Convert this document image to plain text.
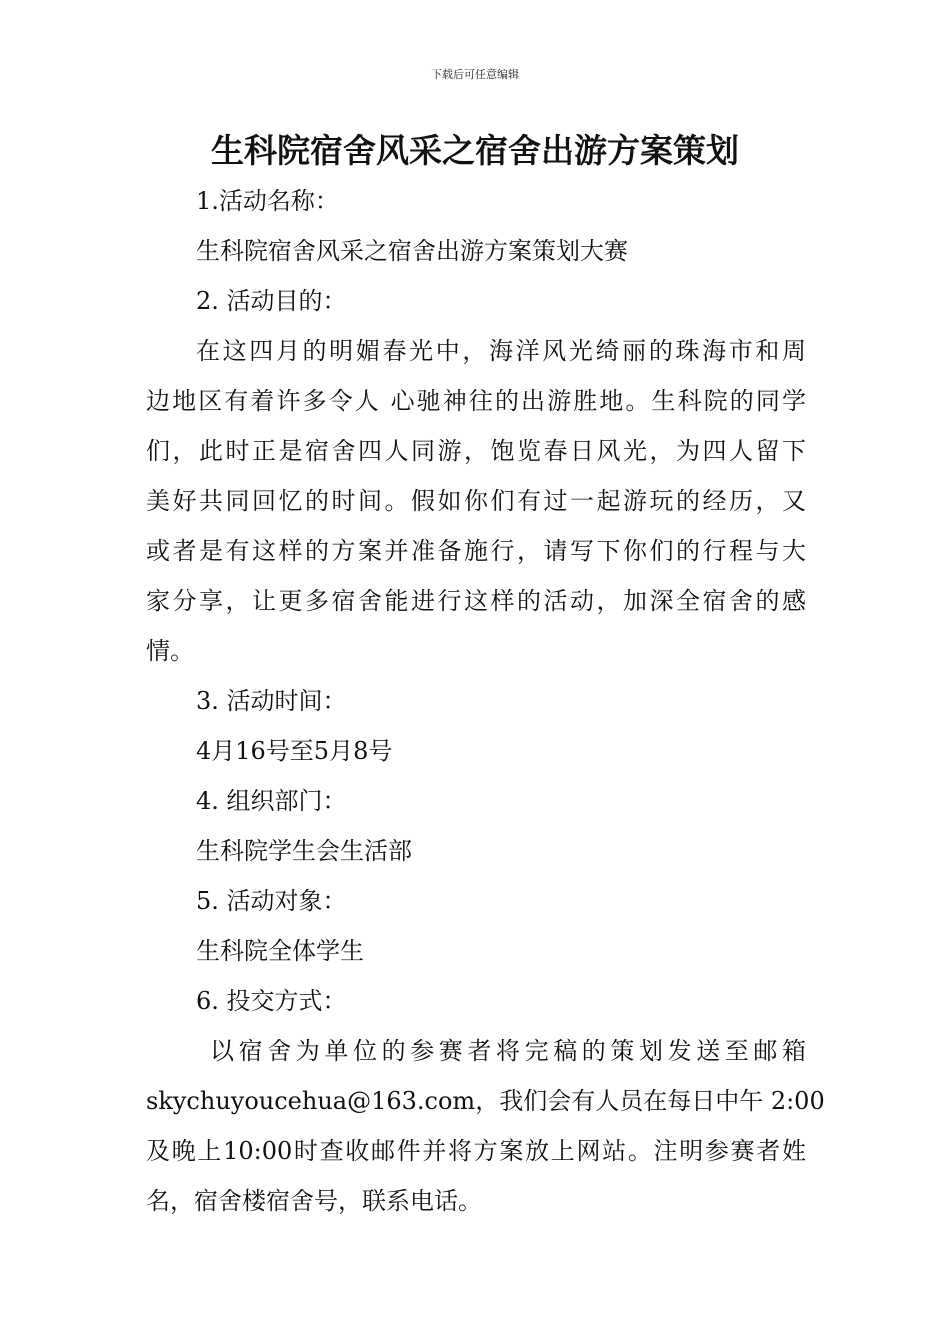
下载后可任意编辑
生科院宿舍风采之宿舍出游方案策划
1.活动名称：
生科院宿舍风采之宿舍出游方案策划大赛
2. 活动目的：
在这四月的明媚春光中，海洋风光绮丽的珠海市和周
边地区有着许多令人 心驰神往的出游胜地。生科院的同学
们，此时正是宿舍四人同游，饱览春日风光，为四人留下
美好共同回忆的时间。假如你们有过一起游玩的经历，又
或者是有这样的方案并准备施行，请写下你们的行程与大
家分享，让更多宿舍能进行这样的活动，加深全宿舍的感
情。
3. 活动时间：
4月16号至5月8号
4. 组织部门：
生科院学生会生活部
5. 活动对象：
生科院全体学生
6. 投交方式：
以宿舍为单位的参赛者将完稿的策划发送至邮箱
skychuyoucehua@163.com，我们会有人员在每日中午 2:00
及晚上10:00时查收邮件并将方案放上网站。注明参赛者姓
名，宿舍楼宿舍号，联系电话。
